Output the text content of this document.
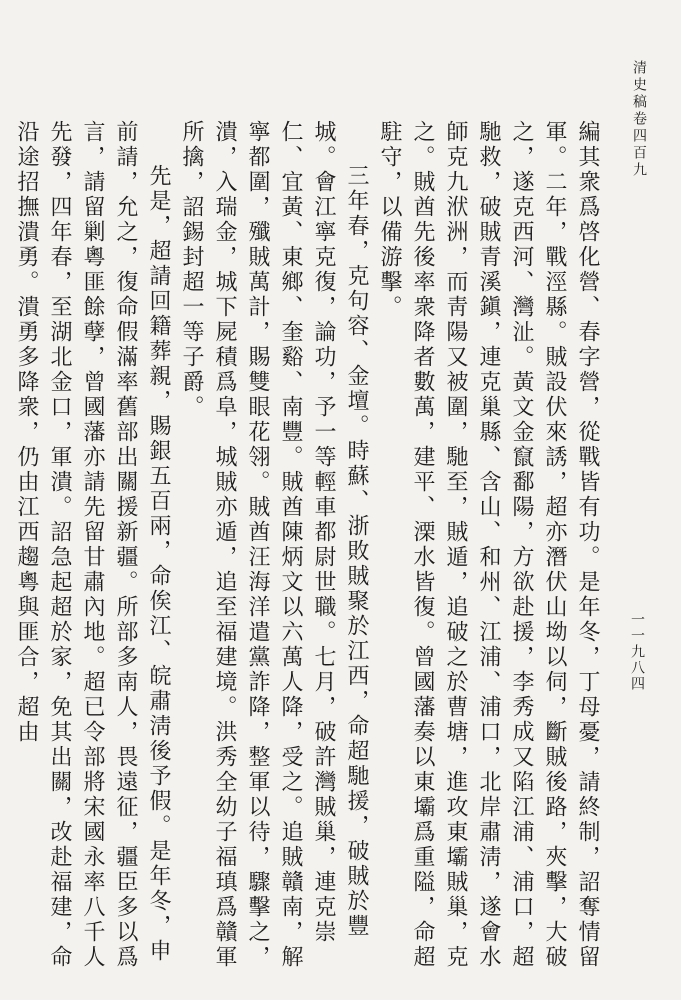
清史稿卷四百九
一一九八四

編其衆爲啓化營、春字營，從戰皆有功。是年冬，丁母憂，請終制，詔奪情留軍。二年，戰涇縣。賊設伏來誘，超亦潛伏山坳以伺，斷賊後路，夾擊，大破之，遂克西河、灣沚。黃文金竄鄱陽，方欲赴援，李秀成又陷江浦、浦口，超馳救，破賊青溪鎭，連克巢縣、含山、和州、江浦、浦口，北岸肅淸，遂會水師克九洑洲，而靑陽又被圍，馳至，賊遁，追破之於曹塘，進攻東壩賊巢，克之。賊酋先後率衆降者數萬，建平、溧水皆復。曾國藩奏以東壩爲重隘，命超駐守，以備游擊。

三年春，克句容、金壇。時蘇、浙敗賊聚於江西，命超馳援，破賊於豐城。會江寧克復，論功，予一等輕車都尉世職。七月，破許灣賊巢，連克崇仁、宜黃、東鄉、奎谿、南豐。賊酋陳炳文以六萬人降，受之。追賊贛南，解寧都圍，殲賊萬計，賜雙眼花翎。賊酋汪海洋遣黨詐降，整軍以待，驟擊之，潰，入瑞金，城下屍積爲阜，城賊亦遁，追至福建境。洪秀全幼子福瑱爲贛軍所擒，詔錫封超一等子爵。

先是，超請回籍葬親，賜銀五百兩，命俟江、皖肅淸後予假。是年冬，申前請，允之，復命假滿率舊部出關援新疆。所部多南人，畏遠征，疆臣多以爲言，請留剿粵匪餘孽，曾國藩亦請先留甘肅內地。超已令部將宋國永率八千人先發，四年春，至湖北金口，軍潰。詔急起超於家，免其出關，改赴福建，命沿途招撫潰勇。潰勇多降衆，仍由江西趨粵與匪合，超由
